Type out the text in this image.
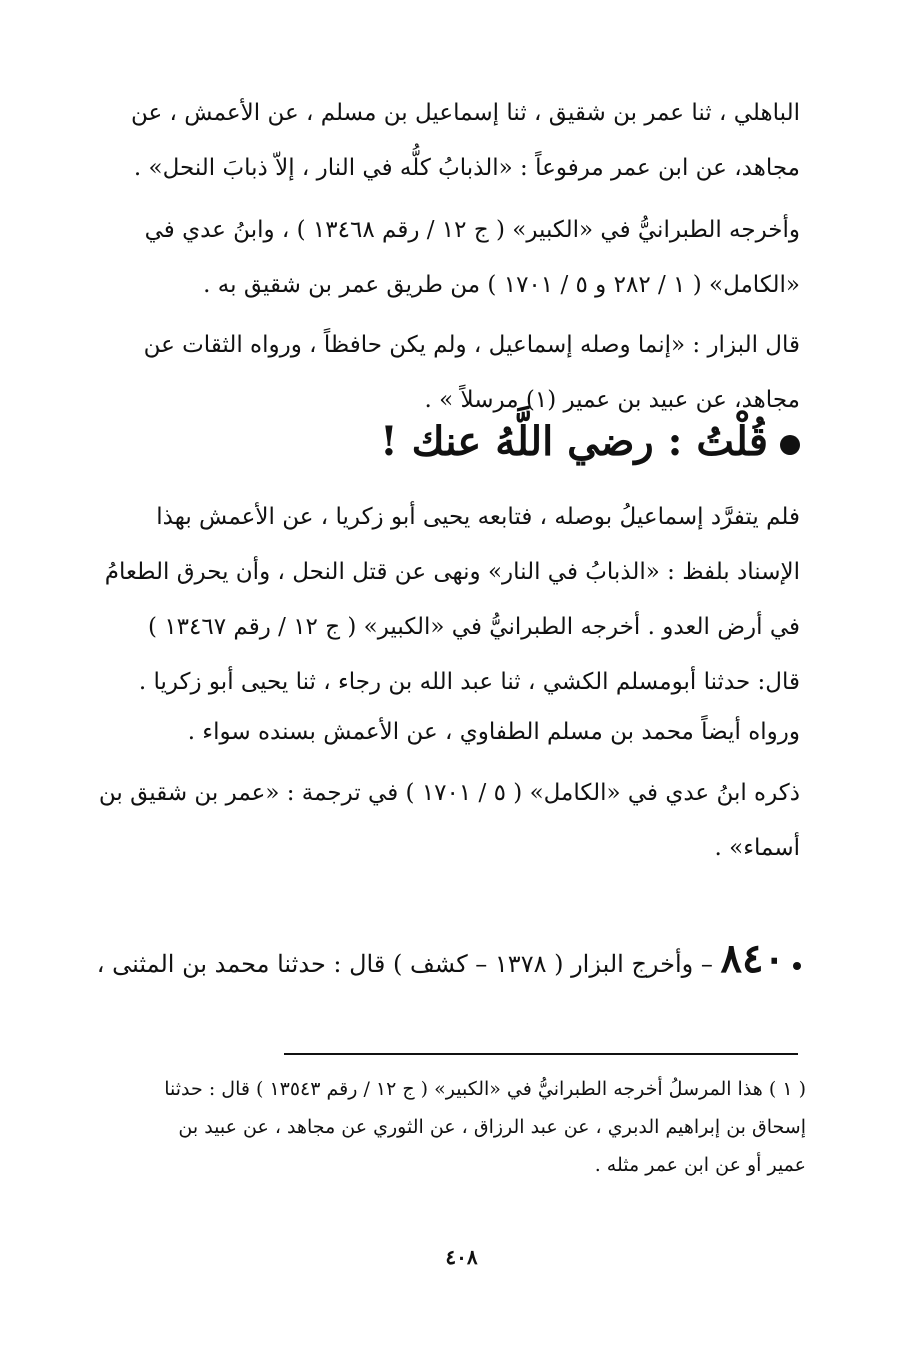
الباهلي ، ثنا عمر بن شقيق ، ثنا إسماعيل بن مسلم ، عن الأعمش ، عن
مجاهد، عن ابن عمر مرفوعاً : «الذبابُ كلُّه في النار ، إلاّ ذبابَ النحل» .
وأخرجه الطبرانيُّ في «الكبير» ( ج ١٢ / رقم ١٣٤٦٨ ) ، وابنُ عدي في
«الكامل» ( ١ / ٢٨٢ و ٥ / ١٧٠١ ) من طريق عمر بن شقيق به .
قال البزار : «إنما وصله إسماعيل ، ولم يكن حافظاً ، ورواه الثقات عن
مجاهد، عن عبيد بن عمير (١) مرسلاً » .
قُلْتُ : رضي اللَّهُ عنك !
فلم يتفرَّد إسماعيلُ بوصله ، فتابعه يحيى أبو زكريا ، عن الأعمش بهذا
الإسناد بلفظ : «الذبابُ في النار» ونهى عن قتل النحل ، وأن يحرق الطعامُ
في أرض العدو . أخرجه الطبرانيُّ في «الكبير» ( ج ١٢ / رقم ١٣٤٦٧ )
قال: حدثنا أبومسلم الكشي ، ثنا عبد الله بن رجاء ، ثنا يحيى أبو زكريا .
ورواه أيضاً محمد بن مسلم الطفاوي ، عن الأعمش بسنده سواء .
ذكره ابنُ عدي في «الكامل» ( ٥ / ١٧٠١ ) في ترجمة : «عمر بن شقيق بن
أسماء» .
٨٤٠ – وأخرج البزار ( ١٣٧٨ – كشف ) قال : حدثنا محمد بن المثنى ،
( ١ ) هذا المرسلُ أخرجه الطبرانيُّ في «الكبير» ( ج ١٢ / رقم ١٣٥٤٣ ) قال : حدثنا
إسحاق بن إبراهيم الدبري ، عن عبد الرزاق ، عن الثوري عن مجاهد ، عن عبيد بن
عمير أو عن ابن عمر مثله .
٤٠٨
